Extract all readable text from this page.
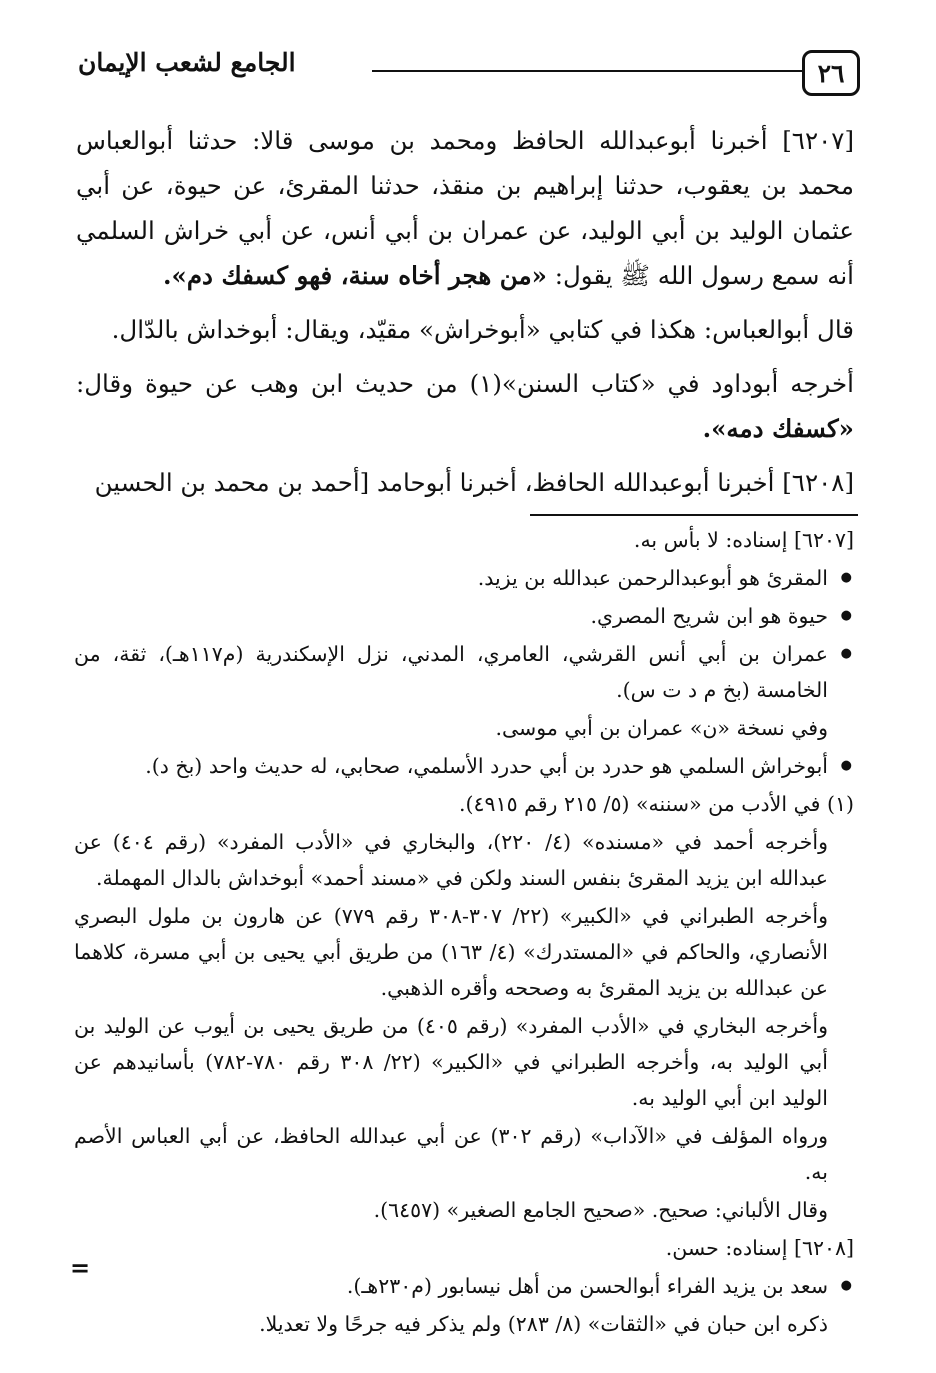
٢٦
الجامع لشعب الإيمان

[٦٢٠٧] أخبرنا أبوعبدالله الحافظ ومحمد بن موسى قالا: حدثنا أبوالعباس محمد بن يعقوب، حدثنا إبراهيم بن منقذ، حدثنا المقرئ، عن حيوة، عن أبي عثمان الوليد بن أبي الوليد، عن عمران بن أبي أنس، عن أبي خراش السلمي أنه سمع رسول الله ﷺ يقول: «من هجر أخاه سنة، فهو كسفك دم».

قال أبوالعباس: هكذا في كتابي «أبوخراش» مقيّد، ويقال: أبوخداش بالدّال.

أخرجه أبوداود في «كتاب السنن»(١) من حديث ابن وهب عن حيوة وقال: «كسفك دمه».

[٦٢٠٨] أخبرنا أبوعبدالله الحافظ، أخبرنا أبوحامد [أحمد بن محمد بن الحسين

[٦٢٠٧] إسناده: لا بأس به.

● المقرئ هو أبوعبدالرحمن عبدالله بن يزيد.

● حيوة هو ابن شريح المصري.

● عمران بن أبي أنس القرشي، العامري، المدني، نزل الإسكندرية (م١١٧هـ)، ثقة، من الخامسة (بخ م د ت س).

وفي نسخة «ن» عمران بن أبي موسى.

● أبوخراش السلمي هو حدرد بن أبي حدرد الأسلمي، صحابي، له حديث واحد (بخ د).

(١) في الأدب من «سننه» (٥/ ٢١٥ رقم ٤٩١٥).

وأخرجه أحمد في «مسنده» (٤/ ٢٢٠)، والبخاري في «الأدب المفرد» (رقم ٤٠٤) عن عبدالله ابن يزيد المقرئ بنفس السند ولكن في «مسند أحمد» أبوخداش بالدال المهملة.

وأخرجه الطبراني في «الكبير» (٢٢/ ٣٠٧-٣٠٨ رقم ٧٧٩) عن هارون بن ملول البصري الأنصاري، والحاكم في «المستدرك» (٤/ ١٦٣) من طريق أبي يحيى بن أبي مسرة، كلاهما عن عبدالله بن يزيد المقرئ به وصححه وأقره الذهبي.

وأخرجه البخاري في «الأدب المفرد» (رقم ٤٠٥) من طريق يحيى بن أيوب عن الوليد بن أبي الوليد به، وأخرجه الطبراني في «الكبير» (٢٢/ ٣٠٨ رقم ٧٨٠-٧٨٢) بأسانيدهم عن الوليد ابن أبي الوليد به.

ورواه المؤلف في «الآداب» (رقم ٣٠٢) عن أبي عبدالله الحافظ، عن أبي العباس الأصم به.

وقال الألباني: صحيح. «صحيح الجامع الصغير» (٦٤٥٧).

[٦٢٠٨] إسناده: حسن.

● سعد بن يزيد الفراء أبوالحسن من أهل نيسابور (م٢٣٠هـ).

ذكره ابن حبان في «الثقات» (٨/ ٢٨٣) ولم يذكر فيه جرحًا ولا تعديلا.

=
